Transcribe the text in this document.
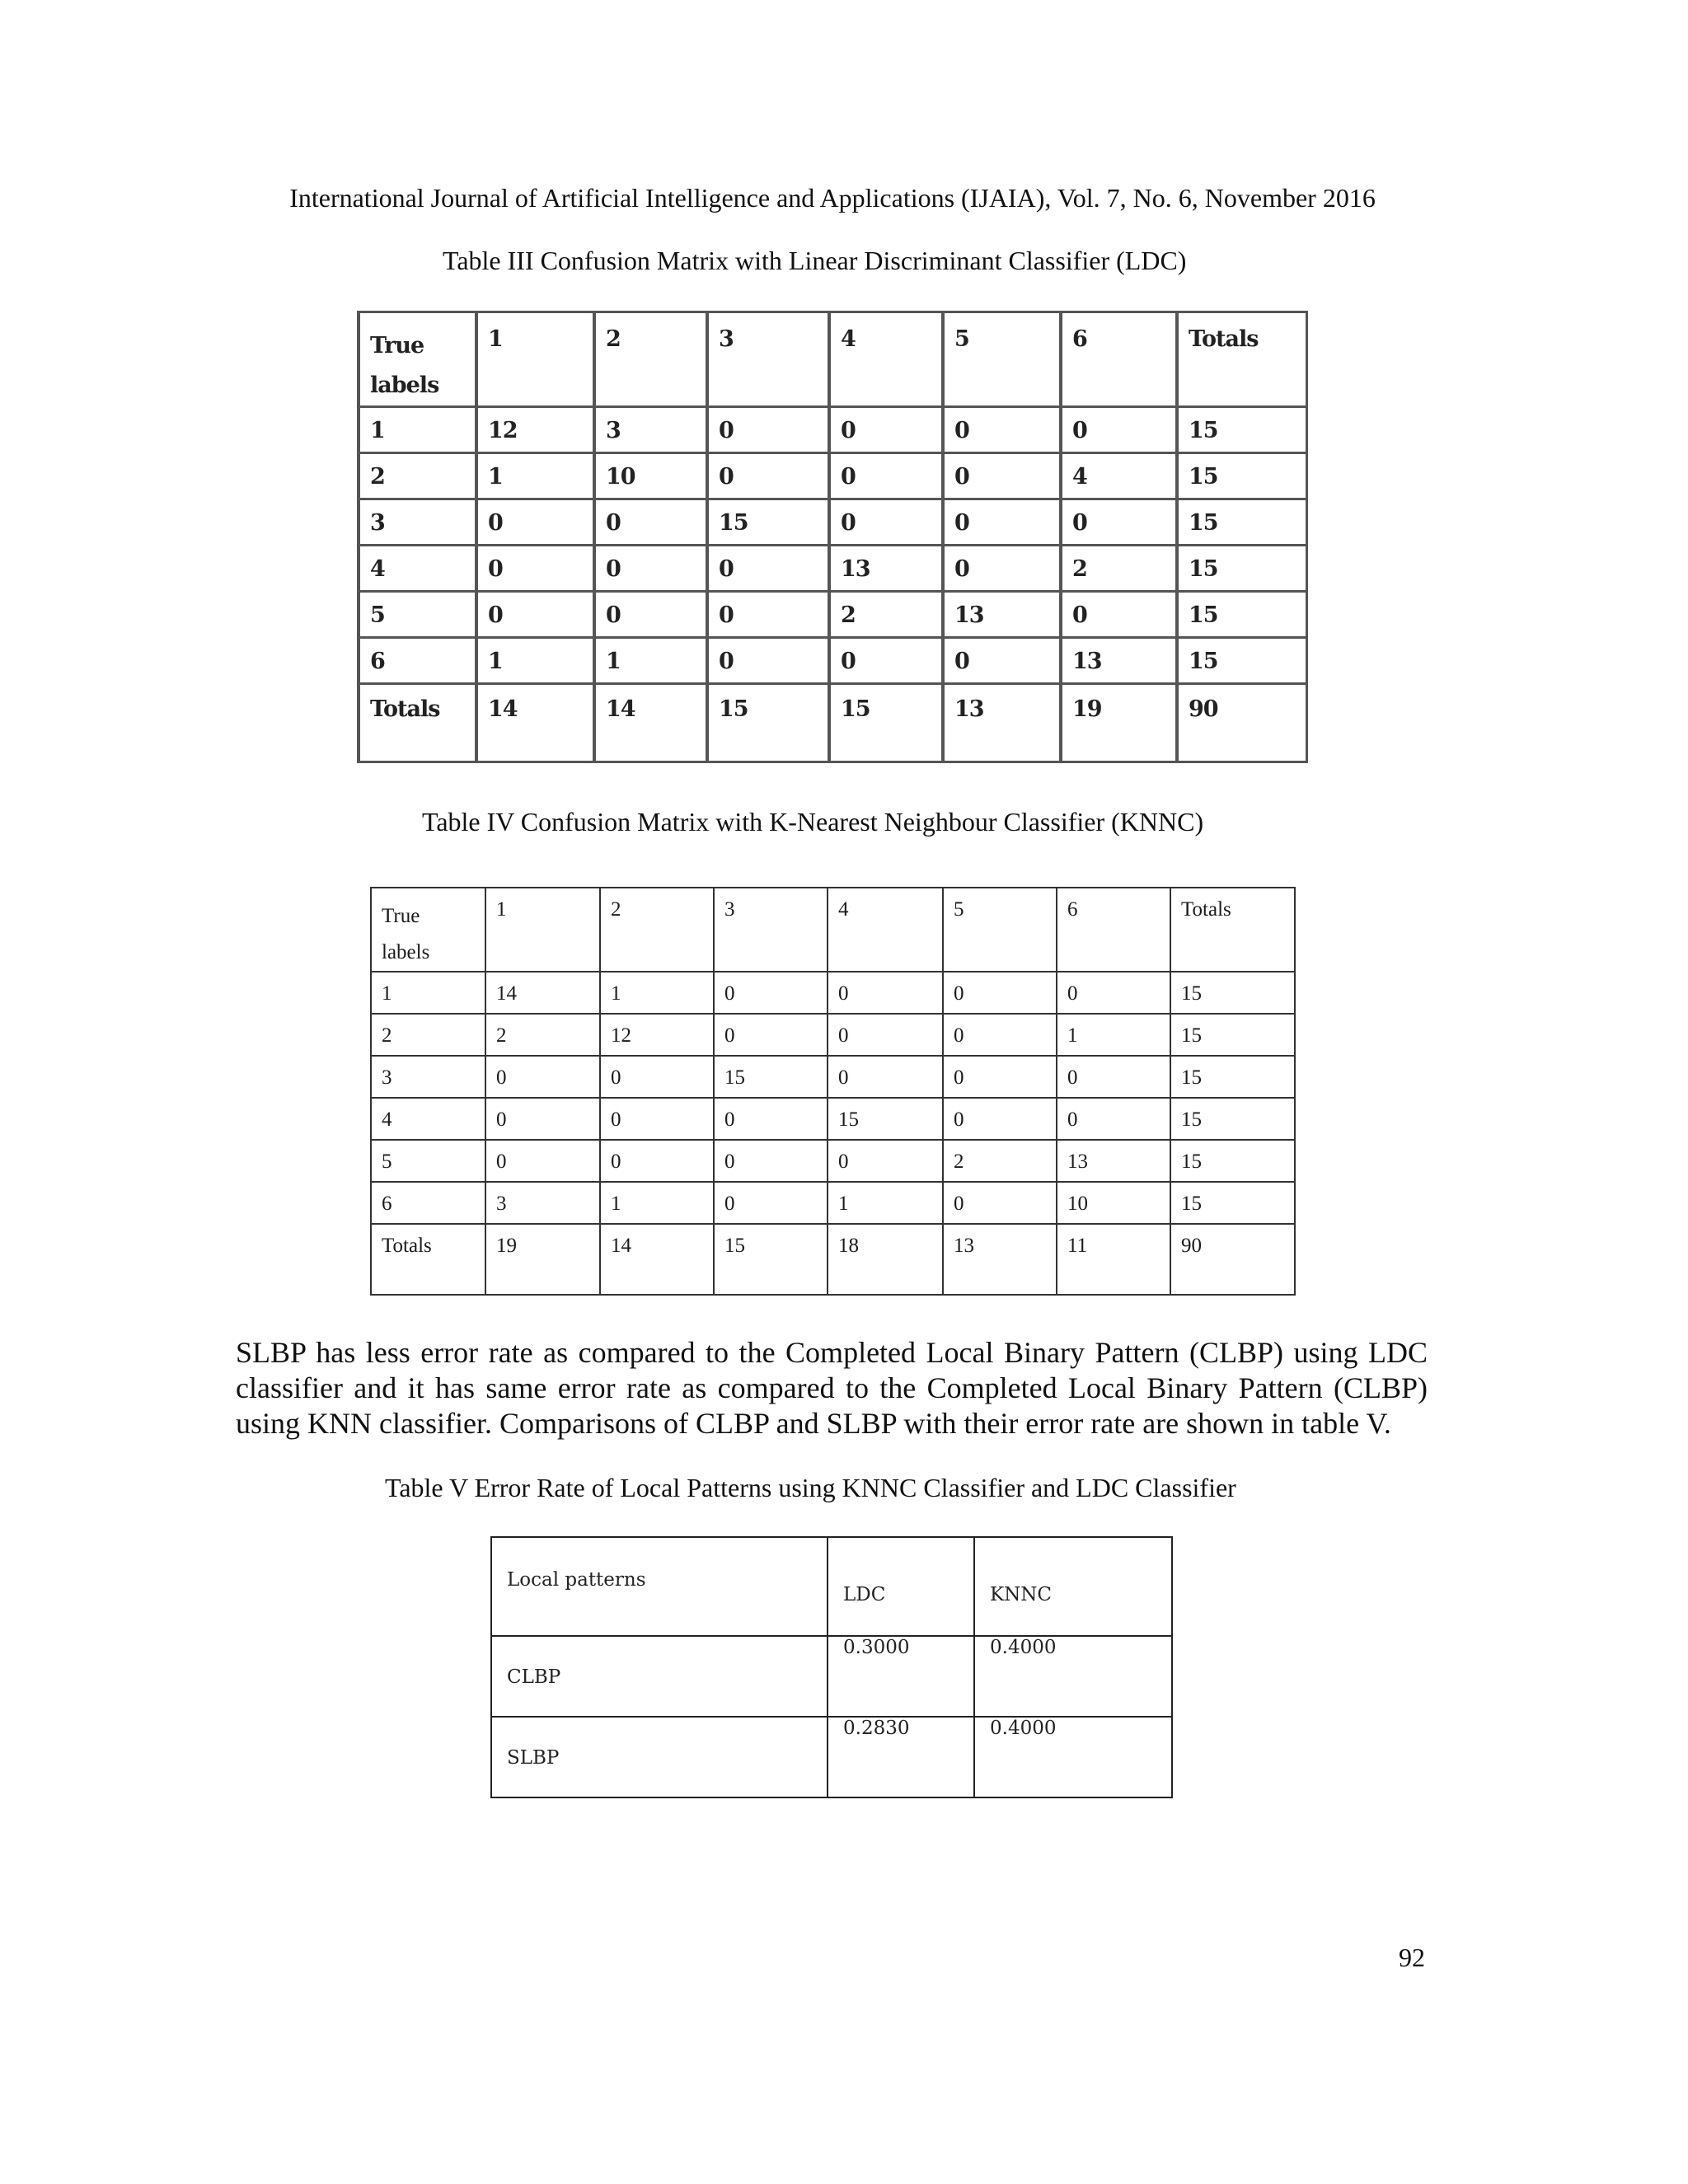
International Journal of Artificial Intelligence and Applications (IJAIA), Vol. 7, No. 6, November 2016
Table III Confusion Matrix with Linear Discriminant Classifier (LDC)
True
labels	1	2	3	4	5	6	Totals
1	12	3	0	0	0	0	15
2	1	10	0	0	0	4	15
3	0	0	15	0	0	0	15
4	0	0	0	13	0	2	15
5	0	0	0	2	13	0	15
6	1	1	0	0	0	13	15
Totals	14	14	15	15	13	19	90
Table IV Confusion Matrix with K-Nearest Neighbour Classifier (KNNC)
True
labels	1	2	3	4	5	6	Totals
1	14	1	0	0	0	0	15
2	2	12	0	0	0	1	15
3	0	0	15	0	0	0	15
4	0	0	0	15	0	0	15
5	0	0	0	0	2	13	15
6	3	1	0	1	0	10	15
Totals	19	14	15	18	13	11	90
SLBP has less error rate as compared to the Completed Local Binary Pattern (CLBP) using LDC classifier and it has same error rate as compared to the Completed Local Binary Pattern (CLBP) using KNN classifier. Comparisons of CLBP and SLBP with their error rate are shown in table V.
Table V Error Rate of Local Patterns using KNNC Classifier and LDC Classifier
Local patterns	LDC	KNNC

CLBP	0.3000	0.4000

SLBP	0.2830	0.4000
92
